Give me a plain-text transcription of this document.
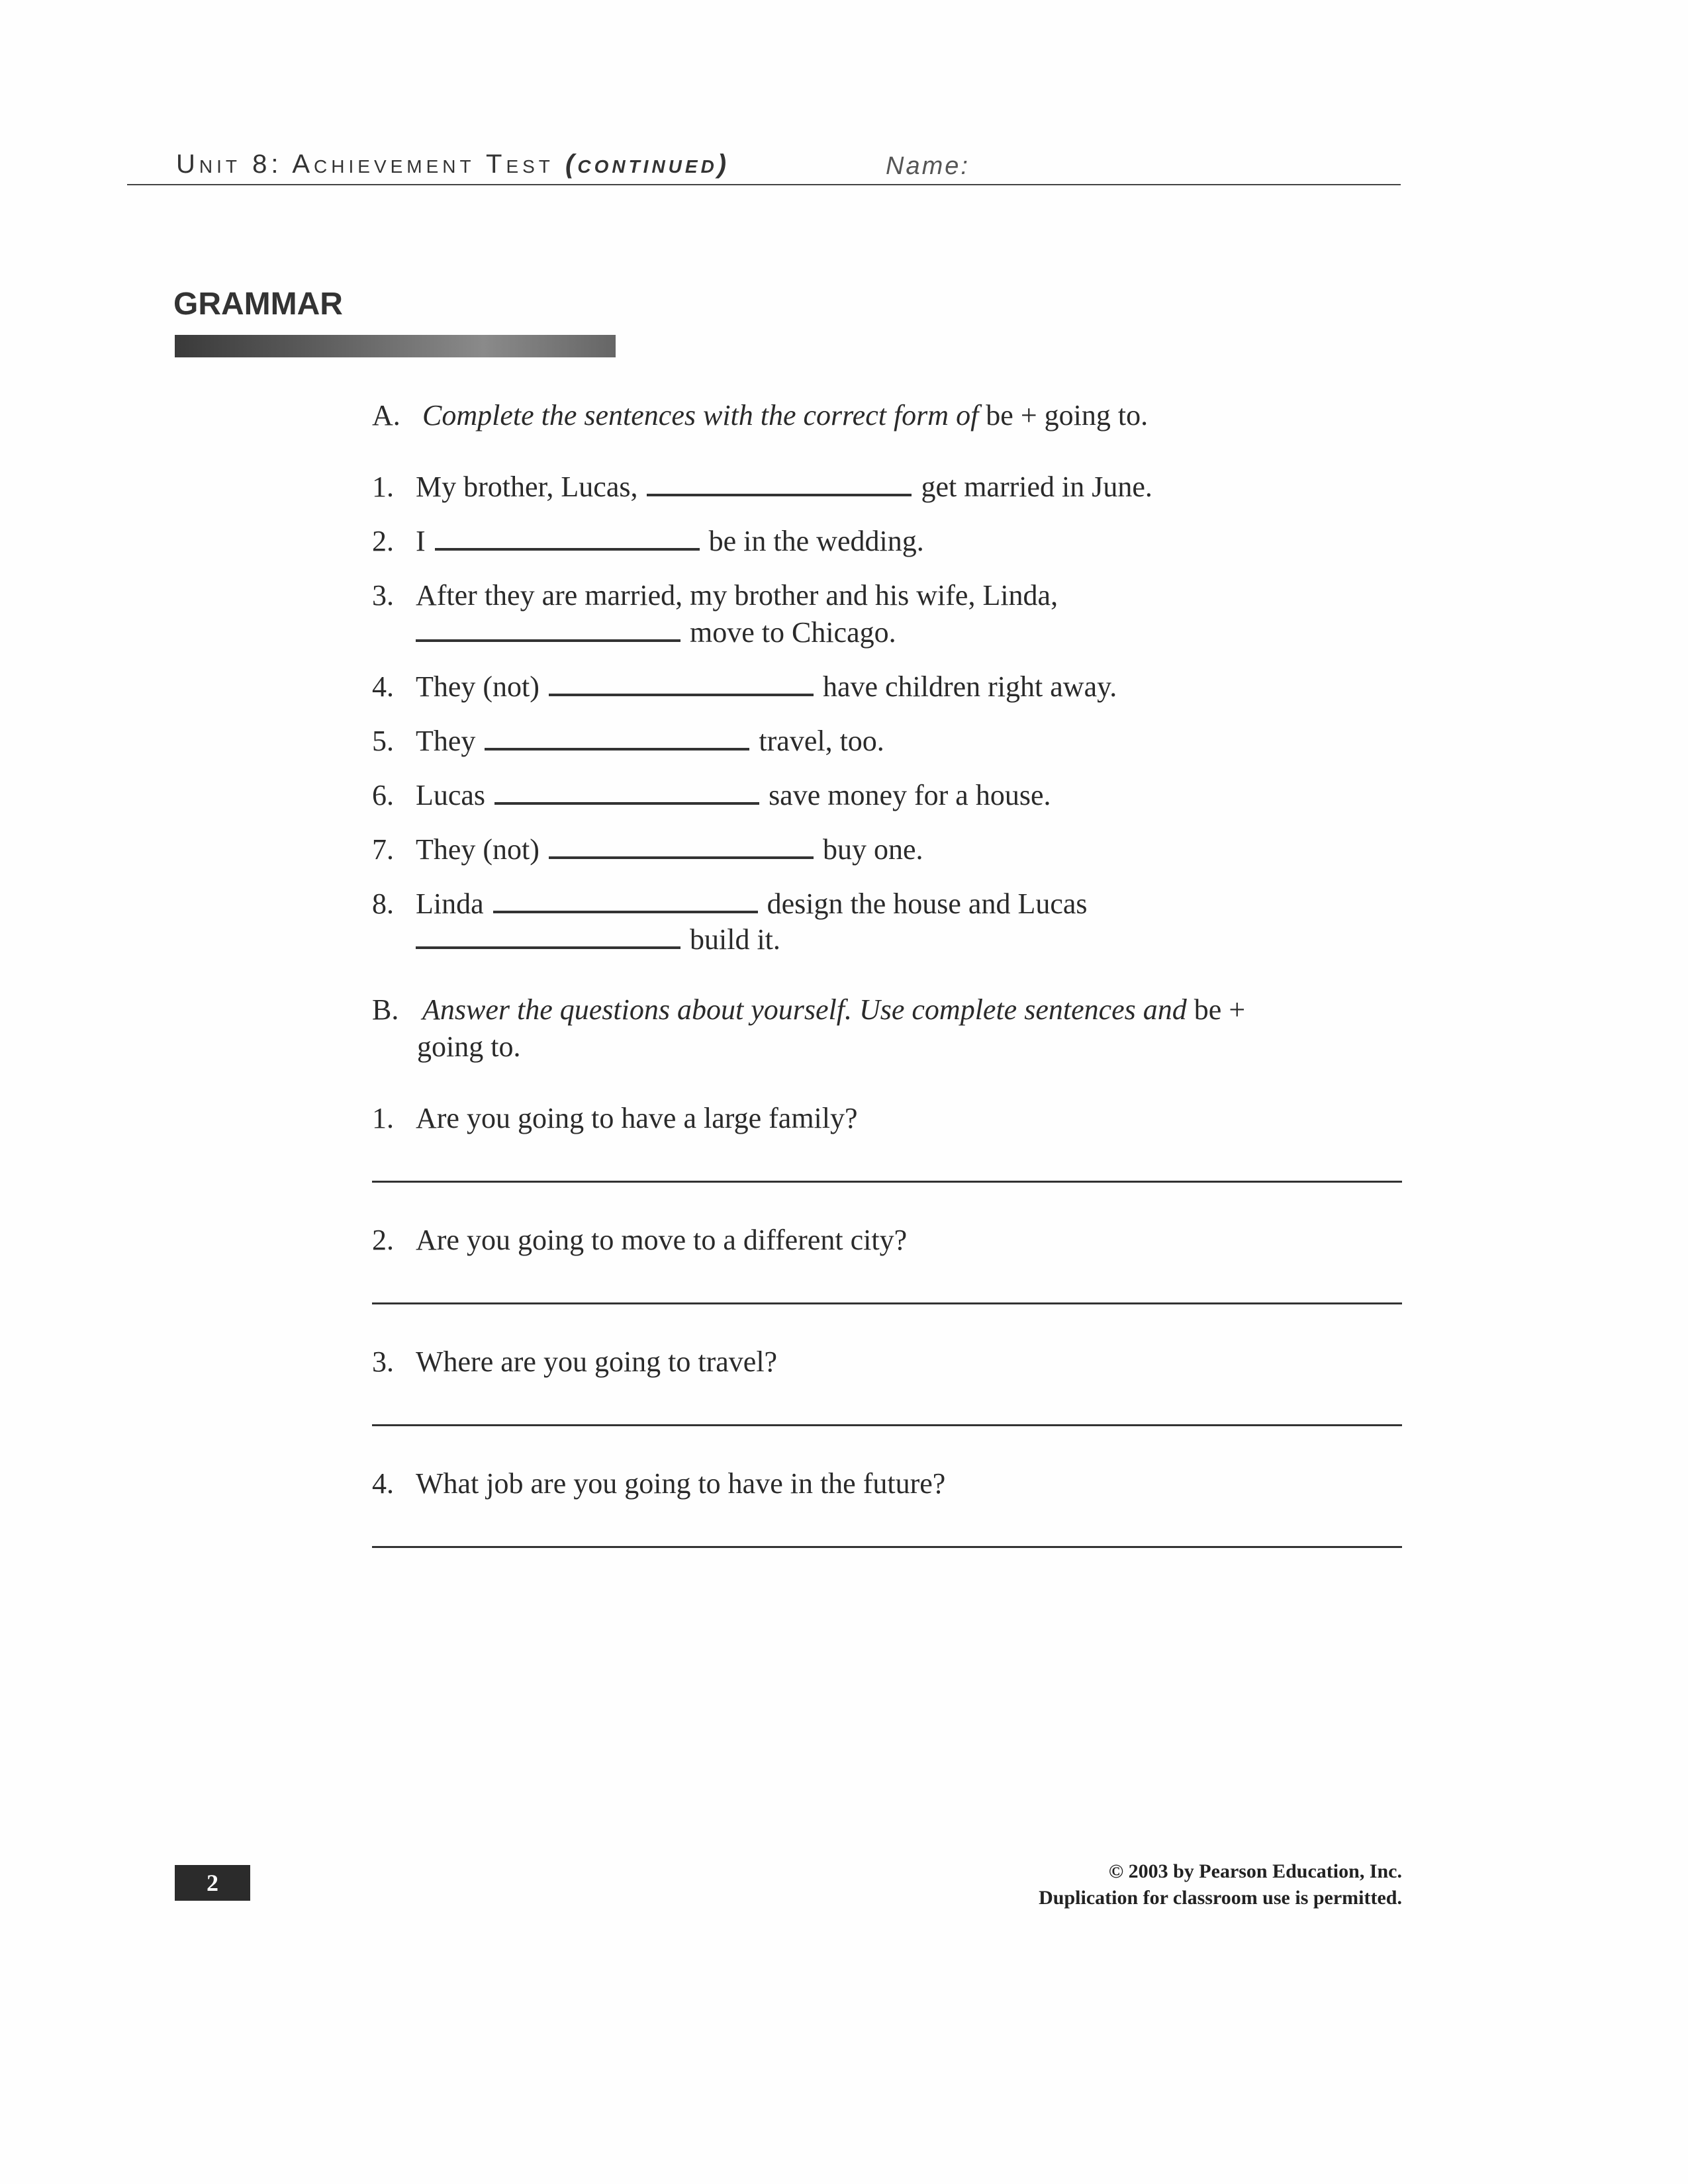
Unit 8: Achievement Test (continued)	Name:
GRAMMAR
A. Complete the sentences with the correct form of be + going to.
1. My brother, Lucas,	get married in June.
2. I	be in the wedding.
3. After they are married, my brother and his wife, Linda,
move to Chicago.
4. They (not)	have children right away.
5. They	travel, too.
6. Lucas	save money for a house.
7. They (not)	buy one.
8. Linda	design the house and Lucas
build it.
B. Answer the questions about yourself. Use complete sentences and be +
going to.
1. Are you going to have a large family?
2. Are you going to move to a different city?
3. Where are you going to travel?
4. What job are you going to have in the future?
2	© 2003 by Pearson Education, Inc.
Duplication for classroom use is permitted.
